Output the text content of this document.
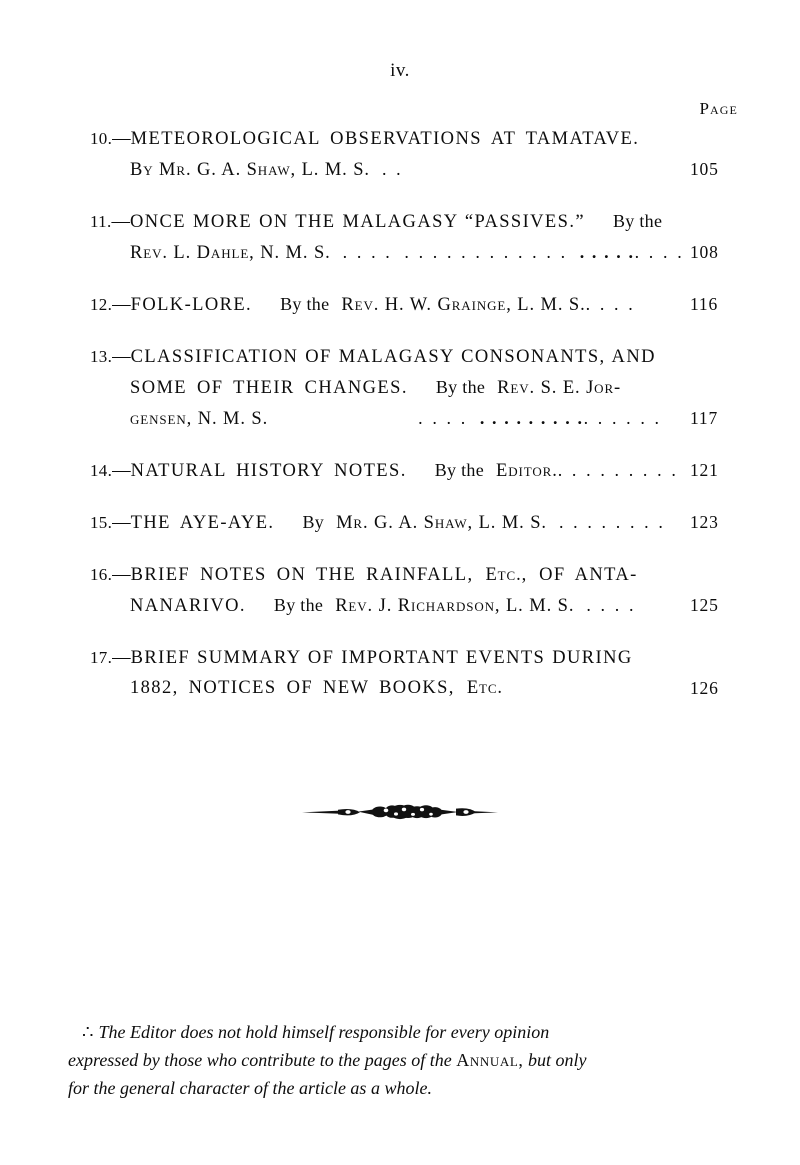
iv.
Page
10.—METEOROLOGICAL OBSERVATIONS AT TAMATAVE.
By Mr. G. A. Shaw, L. M. S. . .	105
11.—ONCE MORE ON THE MALAGASY “PASSIVES.” By the
Rev. L. Dahle, N. M. S. . . . . . . . . . . . . . . . . . . . . .. . . . 108
12.—FOLK-LORE. By the Rev. H. W. Grainge, L. M. S.. . . .	116
13.—CLASSIFICATION OF MALAGASY CONSONANTS, AND
SOME OF THEIR CHANGES. By the Rev. S. E. Jor-
gensen, N. M. S.	. . . . . . . . . . . . .. . . . . . 117
14.—NATURAL HISTORY NOTES. By the Editor.. . . . . . . . . 121
15.—THE AYE-AYE. By Mr. G. A. Shaw, L. M. S. . . . . . . . . 123
16.—BRIEF NOTES ON THE RAINFALL, Etc., OF ANTA-
NANARIVO. By the Rev. J. Richardson, L. M. S. . . . .	125
17.—BRIEF SUMMARY OF IMPORTANT EVENTS DURING
1882, NOTICES OF NEW BOOKS, Etc.	126

∴ The Editor does not hold himself responsible for every opinion

expressed by those who contribute to the pages of the Annual, but only

for the general character of the article as a whole.
